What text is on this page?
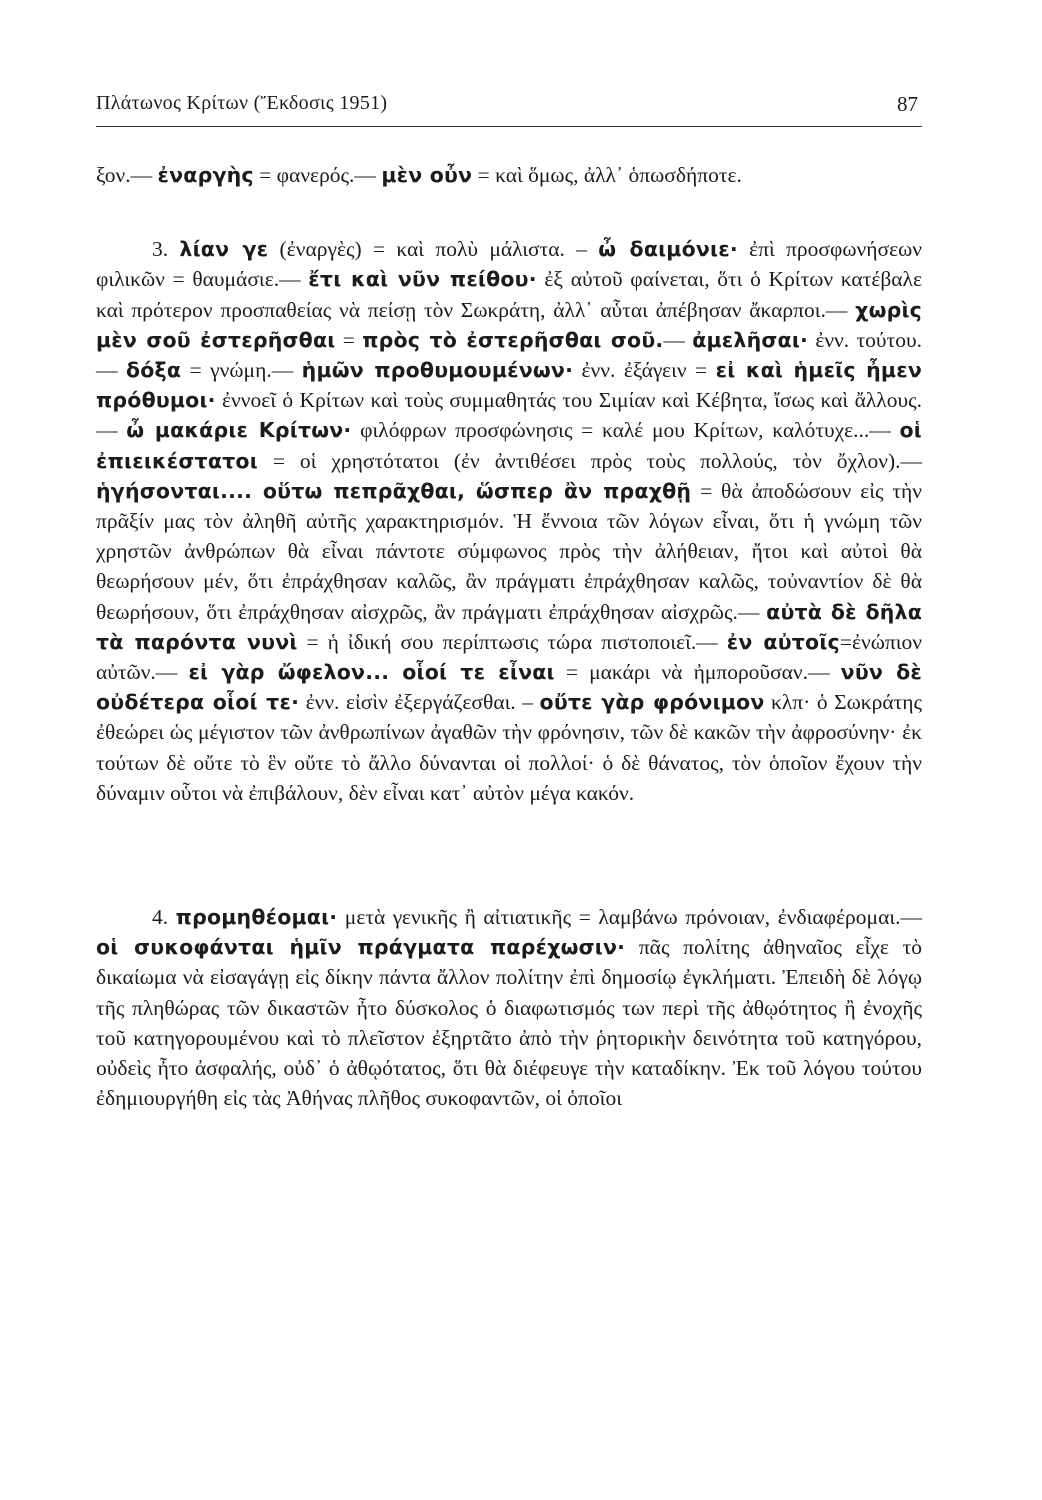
Πλάτωνος Κρίτων (Ἔκδοσις 1951)	87

ξον.— ἐναργὴς = φανερός.— μὲν οὖν = καὶ ὅμως, ἀλλ᾽ ὁπωσδήποτε.

3. λίαν γε (ἐναργὲς) = καὶ πολὺ μάλιστα. – ὦ δαιμόνιε· ἐπὶ προσφωνήσεων φιλικῶν = θαυμάσιε.— ἔτι καὶ νῦν πείθου· ἐξ αὐτοῦ φαίνεται, ὅτι ὁ Κρίτων κατέβαλε καὶ πρότερον προσπαθείας νὰ πείσῃ τὸν Σωκράτη, ἀλλ᾽ αὗται ἀπέβησαν ἄκαρποι.— χωρὶς μὲν σοῦ ἐστερῆσθαι = πρὸς τὸ ἐστερῆσθαι σοῦ.— ἀμελῆσαι· ἐνν. τούτου.— δόξα = γνώμη.— ἡμῶν προθυμουμένων· ἐνν. ἐξάγειν = εἰ καὶ ἡμεῖς ἦμεν πρόθυμοι· ἐννοεῖ ὁ Κρίτων καὶ τοὺς συμμαθητάς του Σιμίαν καὶ Κέβητα, ἴσως καὶ ἄλλους.— ὦ μακάριε Κρίτων· φιλόφρων προσφώνησις = καλέ μου Κρίτων, καλότυχε...— οἱ ἐπιεικέστατοι = οἱ χρηστότατοι (ἐν ἀντιθέσει πρὸς τοὺς πολλούς, τὸν ὄχλον).— ἡγήσονται.... οὕτω πεπρᾶχθαι, ὥσπερ ἂν πραχθῇ = θὰ ἀποδώσουν εἰς τὴν πρᾶξίν μας τὸν ἀληθῆ αὐτῆς χαρακτηρισμόν. Ἡ ἔννοια τῶν λόγων εἶναι, ὅτι ἡ γνώμη τῶν χρηστῶν ἀνθρώπων θὰ εἶναι πάντοτε σύμφωνος πρὸς τὴν ἀλήθειαν, ἤτοι καὶ αὐτοὶ θὰ θεωρήσουν μέν, ὅτι ἐπράχθησαν καλῶς, ἂν πράγματι ἐπράχθησαν καλῶς, τοὐναντίον δὲ θὰ θεωρήσουν, ὅτι ἐπράχθησαν αἰσχρῶς, ἂν πράγματι ἐπράχθησαν αἰσχρῶς.— αὐτὰ δὲ δῆλα τὰ παρόντα νυνὶ = ἡ ἰδική σου περίπτωσις τώρα πιστοποιεῖ.— ἐν αὐτοῖς=ἐνώπιον αὐτῶν.— εἰ γὰρ ὤφελον... οἷοί τε εἶναι = μακάρι νὰ ἠμποροῦσαν.— νῦν δὲ οὐδέτερα οἷοί τε· ἐνν. εἰσὶν ἐξεργάζεσθαι. – οὔτε γὰρ φρόνιμον κλπ· ὁ Σωκράτης ἐθεώρει ὡς μέγιστον τῶν ἀνθρωπίνων ἀγαθῶν τὴν φρόνησιν, τῶν δὲ κακῶν τὴν ἀφροσύνην· ἐκ τούτων δὲ οὔτε τὸ ἓν οὔτε τὸ ἄλλο δύνανται οἱ πολλοί· ὁ δὲ θάνατος, τὸν ὁποῖον ἔχουν τὴν δύναμιν οὗτοι νὰ ἐπιβάλουν, δὲν εἶναι κατ᾽ αὐτὸν μέγα κακόν.

4. προμηθέομαι· μετὰ γενικῆς ἢ αἰτιατικῆς = λαμβάνω πρόνοιαν, ἐνδιαφέρομαι.— οἱ συκοφάνται ἡμῖν πράγματα παρέχωσιν· πᾶς πολίτης ἀθηναῖος εἶχε τὸ δικαίωμα νὰ εἰσαγάγῃ εἰς δίκην πάντα ἄλλον πολίτην ἐπὶ δημοσίῳ ἐγκλήματι. Ἐπειδὴ δὲ λόγῳ τῆς πληθώρας τῶν δικαστῶν ἦτο δύσκολος ὁ διαφωτισμός των περὶ τῆς ἀθῳότητος ἢ ἐνοχῆς τοῦ κατηγορουμένου καὶ τὸ πλεῖστον ἐξηρτᾶτο ἀπὸ τὴν ῥητορικὴν δεινότητα τοῦ κατηγόρου, οὐδεὶς ἦτο ἀσφαλής, οὐδ᾽ ὁ ἀθῳότατος, ὅτι θὰ διέφευγε τὴν καταδίκην. Ἐκ τοῦ λόγου τούτου ἐδημιουργήθη εἰς τὰς Ἀθήνας πλῆθος συκοφαντῶν, οἱ ὁποῖοι
